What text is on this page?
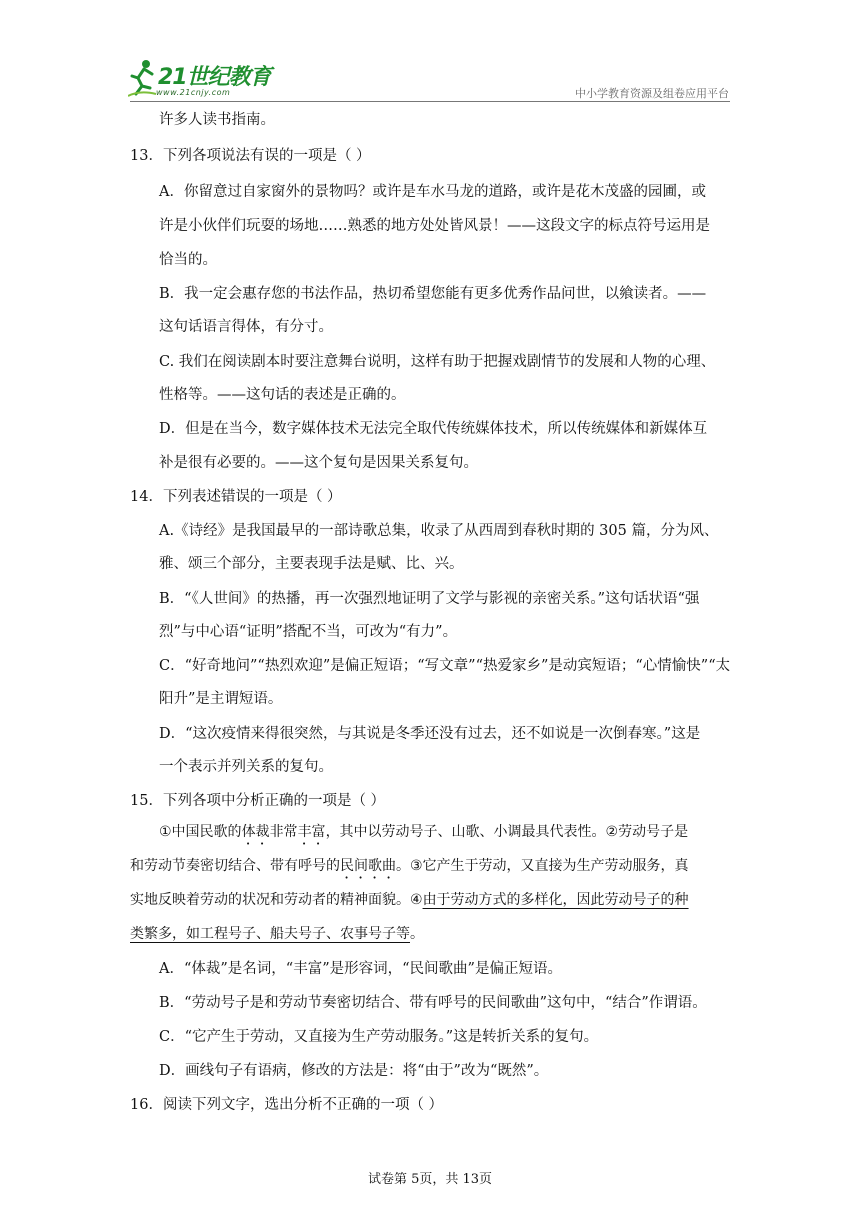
21世纪教育
www.21cnjy.com	中小学教育资源及组卷应用平台
许多人读书指南。
13．下列各项说法有误的一项是（ ）
A．你留意过自家窗外的景物吗？或许是车水马龙的道路，或许是花木茂盛的园圃，或
许是小伙伴们玩耍的场地……熟悉的地方处处皆风景！——这段文字的标点符号运用是
恰当的。
B．我一定会惠存您的书法作品，热切希望您能有更多优秀作品问世，以飨读者。——
这句话语言得体，有分寸。
C. 我们在阅读剧本时要注意舞台说明，这样有助于把握戏剧情节的发展和人物的心理、
性格等。——这句话的表述是正确的。
D．但是在当今，数字媒体技术无法完全取代传统媒体技术，所以传统媒体和新媒体互
补是很有必要的。——这个复句是因果关系复句。
14．下列表述错误的一项是（ ）
A.《诗经》是我国最早的一部诗歌总集，收录了从西周到春秋时期的 305 篇，分为风、
雅、颂三个部分，主要表现手法是赋、比、兴。
B．“《人世间》的热播，再一次强烈地证明了文学与影视的亲密关系。”这句话状语“强
烈”与中心语“证明”搭配不当，可改为“有力”。
C．“好奇地问”“热烈欢迎”是偏正短语；“写文章”“热爱家乡”是动宾短语；“心情愉快”“太
阳升”是主谓短语。
D．“这次疫情来得很突然，与其说是冬季还没有过去，还不如说是一次倒春寒。”这是
一个表示并列关系的复句。
15．下列各项中分析正确的一项是（ ）
①中国民歌的体裁非常丰富，其中以劳动号子、山歌、小调最具代表性。②劳动号子是
和劳动节奏密切结合、带有呼号的民间歌曲。③它产生于劳动，又直接为生产劳动服务，真
实地反映着劳动的状况和劳动者的精神面貌。④由于劳动方式的多样化，因此劳动号子的种
类繁多，如工程号子、船夫号子、农事号子等。
A．“体裁”是名词，“丰富”是形容词，“民间歌曲”是偏正短语。
B．“劳动号子是和劳动节奏密切结合、带有呼号的民间歌曲”这句中，“结合”作谓语。
C．“它产生于劳动，又直接为生产劳动服务。”这是转折关系的复句。
D．画线句子有语病，修改的方法是：将“由于”改为“既然”。
16．阅读下列文字，选出分析不正确的一项（ ）
试卷第 5页，共 13页
